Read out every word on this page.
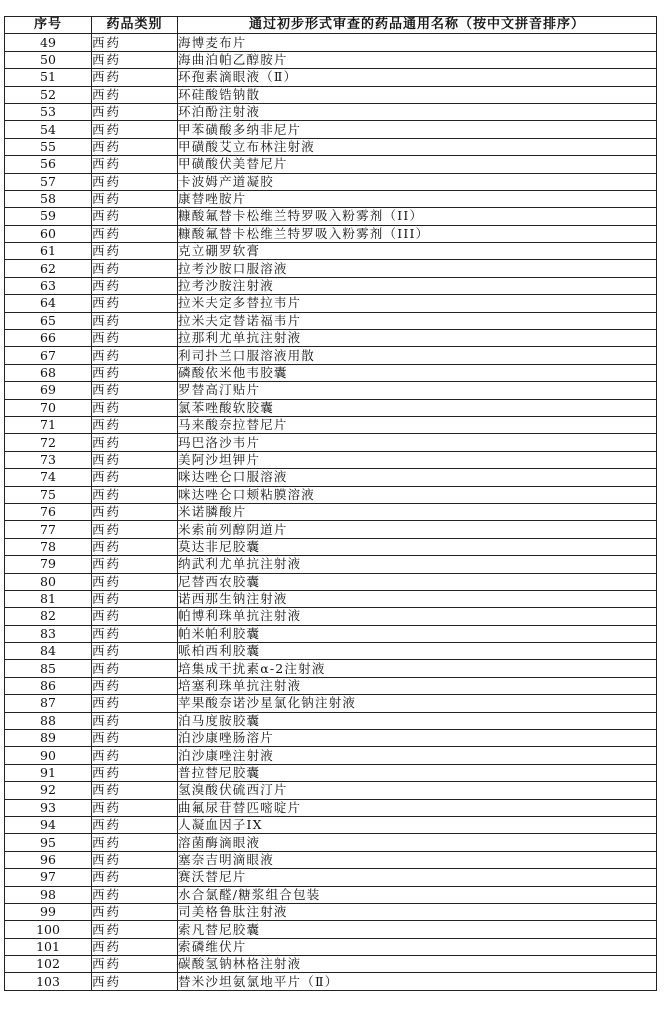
序号	药品类别	通过初步形式审查的药品通用名称（按中文拼音排序）
49	西药	海博麦布片
50	西药	海曲泊帕乙醇胺片
51	西药	环孢素滴眼液（Ⅱ）
52	西药	环硅酸锆钠散
53	西药	环泊酚注射液
54	西药	甲苯磺酸多纳非尼片
55	西药	甲磺酸艾立布林注射液
56	西药	甲磺酸伏美替尼片
57	西药	卡波姆产道凝胶
58	西药	康替唑胺片
59	西药	糠酸氟替卡松维兰特罗吸入粉雾剂（II）
60	西药	糠酸氟替卡松维兰特罗吸入粉雾剂（III）
61	西药	克立硼罗软膏
62	西药	拉考沙胺口服溶液
63	西药	拉考沙胺注射液
64	西药	拉米夫定多替拉韦片
65	西药	拉米夫定替诺福韦片
66	西药	拉那利尤单抗注射液
67	西药	利司扑兰口服溶液用散
68	西药	磷酸依米他韦胶囊
69	西药	罗替高汀贴片
70	西药	氯苯唑酸软胶囊
71	西药	马来酸奈拉替尼片
72	西药	玛巴洛沙韦片
73	西药	美阿沙坦钾片
74	西药	咪达唑仑口服溶液
75	西药	咪达唑仑口颊粘膜溶液
76	西药	米诺膦酸片
77	西药	米索前列醇阴道片
78	西药	莫达非尼胶囊
79	西药	纳武利尤单抗注射液
80	西药	尼替西农胶囊
81	西药	诺西那生钠注射液
82	西药	帕博利珠单抗注射液
83	西药	帕米帕利胶囊
84	西药	哌柏西利胶囊
85	西药	培集成干扰素α-2注射液
86	西药	培塞利珠单抗注射液
87	西药	苹果酸奈诺沙星氯化钠注射液
88	西药	泊马度胺胶囊
89	西药	泊沙康唑肠溶片
90	西药	泊沙康唑注射液
91	西药	普拉替尼胶囊
92	西药	氢溴酸伏硫西汀片
93	西药	曲氟尿苷替匹嘧啶片
94	西药	人凝血因子IX
95	西药	溶菌酶滴眼液
96	西药	塞奈吉明滴眼液
97	西药	赛沃替尼片
98	西药	水合氯醛/糖浆组合包装
99	西药	司美格鲁肽注射液
100	西药	索凡替尼胶囊
101	西药	索磷维伏片
102	西药	碳酸氢钠林格注射液
103	西药	替米沙坦氨氯地平片（Ⅱ）
